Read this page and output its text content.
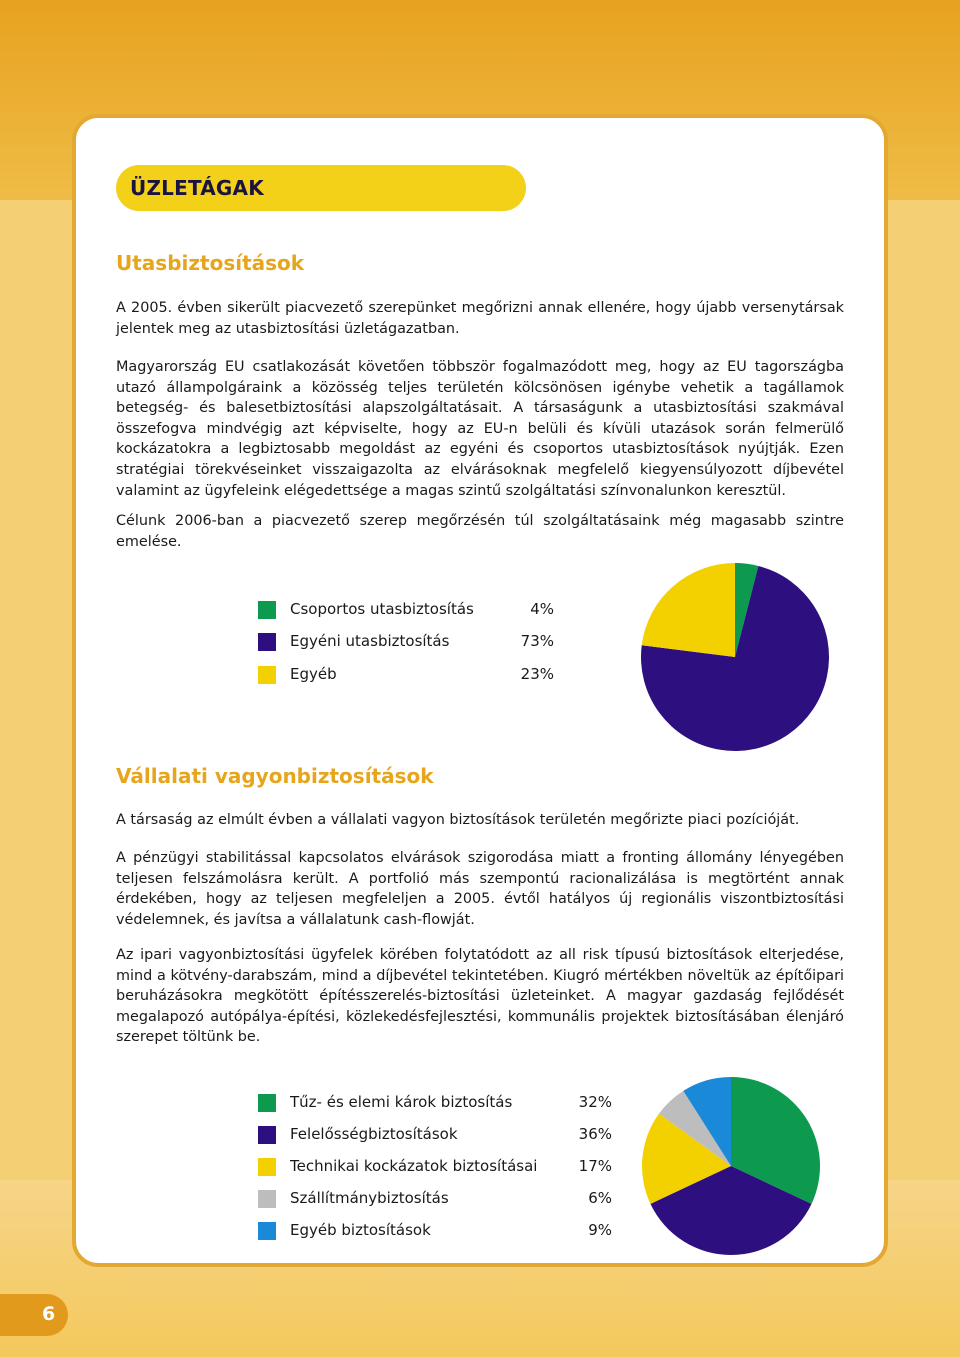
ÜZLETÁGAK
Utasbiztosítások

A 2005. évben sikerült piacvezető szerepünket megőrizni annak ellenére, hogy újabb versenytársak jelentek meg az utasbiztosítási üzletágazatban.

Magyarország EU csatlakozását követően többször fogalmazódott meg, hogy az EU tagországba utazó állampolgáraink a közösség teljes területén kölcsönösen igénybe vehetik a tagállamok betegség- és balesetbiztosítási alapszolgáltatásait. A társaságunk a utasbiztosítási szakmával összefogva mindvégig azt képviselte, hogy az EU-n belüli és kívüli utazások során felmerülő kockázatokra a legbiztosabb megoldást az egyéni és csoportos utasbiztosítások nyújtják. Ezen stratégiai törekvéseinket visszaigazolta az elvárásoknak megfelelő kiegyensúlyozott díjbevétel valamint az ügyfeleink elégedettsége a magas szintű szolgáltatási színvonalunkon keresztül.

Célunk 2006-ban a piacvezető szerep megőrzésén túl szolgáltatásaink még magasabb szintre emelése.

Csoportos utasbiztosítás	4%
Egyéni utasbiztosítás	73%
Egyéb	23%
Vállalati vagyonbiztosítások

A társaság az elmúlt évben a vállalati vagyon biztosítások területén megőrizte piaci pozícióját.

A pénzügyi stabilitással kapcsolatos elvárások szigorodása miatt a fronting állomány lényegében teljesen felszámolásra került. A portfolió más szempontú racionalizálása is megtörtént annak érdekében, hogy az teljesen megfeleljen a 2005. évtől hatályos új regionális viszontbiztosítási védelemnek, és javítsa a vállalatunk cash-flowját.

Az ipari vagyonbiztosítási ügyfelek körében folytatódott az all risk típusú biztosítások elterjedése, mind a kötvény-darabszám, mind a díjbevétel tekintetében. Kiugró mértékben növeltük az építőipari beruházásokra megkötött építésszerelés-biztosítási üzleteinket. A magyar gazdaság fejlődését megalapozó autópálya-építési, közlekedésfejlesztési, kommunális projektek biztosításában élenjáró szerepet töltünk be.

Tűz- és elemi károk biztosítás	32%
Felelősségbiztosítások	36%
Technikai kockázatok biztosításai	17%
Szállítmánybiztosítás	6%
Egyéb biztosítások	9%
6
